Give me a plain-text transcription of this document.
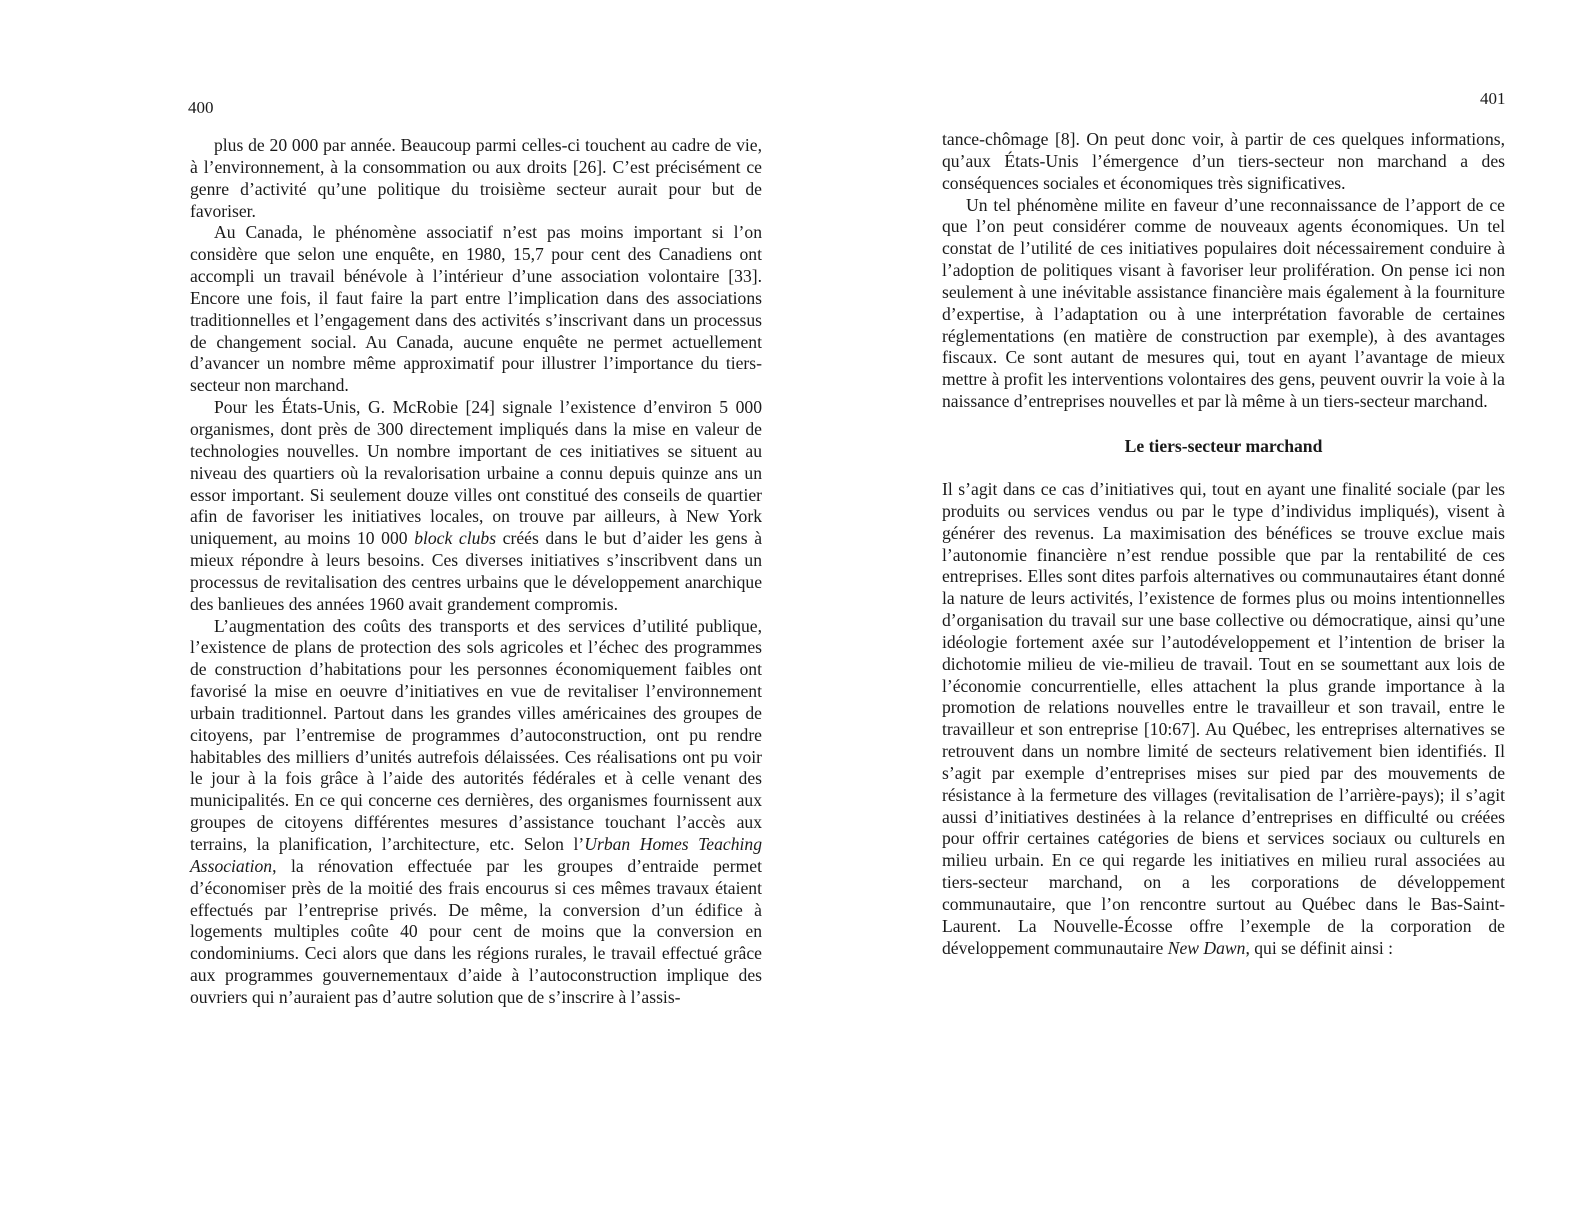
400

plus de 20 000 par année. Beaucoup parmi celles-ci touchent au cadre de vie, à l’environnement, à la consommation ou aux droits [26]. C’est précisément ce genre d’activité qu’une politique du troisième secteur aurait pour but de favoriser.

Au Canada, le phénomène associatif n’est pas moins important si l’on considère que selon une enquête, en 1980, 15,7 pour cent des Canadiens ont accompli un travail bénévole à l’intérieur d’une association volontaire [33]. Encore une fois, il faut faire la part entre l’implication dans des associations traditionnelles et l’engagement dans des activités s’inscrivant dans un processus de changement social. Au Canada, aucune enquête ne permet actuellement d’avancer un nombre même approximatif pour illustrer l’importance du tiers-secteur non marchand.

Pour les États-Unis, G. McRobie [24] signale l’existence d’environ 5 000 organismes, dont près de 300 directement impliqués dans la mise en valeur de technologies nouvelles. Un nombre important de ces initiatives se situent au niveau des quartiers où la revalorisation urbaine a connu depuis quinze ans un essor important. Si seulement douze villes ont constitué des conseils de quartier afin de favoriser les initiatives locales, on trouve par ailleurs, à New York uniquement, au moins 10 000 block clubs créés dans le but d’aider les gens à mieux répondre à leurs besoins. Ces diverses initiatives s’inscribvent dans un processus de revitalisation des centres urbains que le développement anarchique des banlieues des années 1960 avait grandement compromis.

L’augmentation des coûts des transports et des services d’utilité publique, l’existence de plans de protection des sols agricoles et l’échec des programmes de construction d’habitations pour les personnes économiquement faibles ont favorisé la mise en oeuvre d’initiatives en vue de revitaliser l’environnement urbain traditionnel. Partout dans les grandes villes américaines des groupes de citoyens, par l’entremise de programmes d’autoconstruction, ont pu rendre habitables des milliers d’unités autrefois délaissées. Ces réalisations ont pu voir le jour à la fois grâce à l’aide des autorités fédérales et à celle venant des municipalités. En ce qui concerne ces dernières, des organismes fournissent aux groupes de citoyens différentes mesures d’assistance touchant l’accès aux terrains, la planification, l’architecture, etc. Selon l’Urban Homes Teaching Association, la rénovation effectuée par les groupes d’entraide permet d’économiser près de la moitié des frais encourus si ces mêmes travaux étaient effectués par l’entreprise privés. De même, la conversion d’un édifice à logements multiples coûte 40 pour cent de moins que la conversion en condominiums. Ceci alors que dans les régions rurales, le travail effectué grâce aux programmes gouvernementaux d’aide à l’autoconstruction implique des ouvriers qui n’auraient pas d’autre solution que de s’inscrire à l’assis-

401

tance-chômage [8]. On peut donc voir, à partir de ces quelques informations, qu’aux États-Unis l’émergence d’un tiers-secteur non marchand a des conséquences sociales et économiques très significatives.

Un tel phénomène milite en faveur d’une reconnaissance de l’apport de ce que l’on peut considérer comme de nouveaux agents économiques. Un tel constat de l’utilité de ces initiatives populaires doit nécessairement conduire à l’adoption de politiques visant à favoriser leur prolifération. On pense ici non seulement à une inévitable assistance financière mais également à la fourniture d’expertise, à l’adaptation ou à une interprétation favorable de certaines réglementations (en matière de construction par exemple), à des avantages fiscaux. Ce sont autant de mesures qui, tout en ayant l’avantage de mieux mettre à profit les interventions volontaires des gens, peuvent ouvrir la voie à la naissance d’entreprises nouvelles et par là même à un tiers-secteur marchand.

Le tiers-secteur marchand

Il s’agit dans ce cas d’initiatives qui, tout en ayant une finalité sociale (par les produits ou services vendus ou par le type d’individus impliqués), visent à générer des revenus. La maximisation des bénéfices se trouve exclue mais l’autonomie financière n’est rendue possible que par la rentabilité de ces entreprises. Elles sont dites parfois alternatives ou communautaires étant donné la nature de leurs activités, l’existence de formes plus ou moins intentionnelles d’organisation du travail sur une base collective ou démocratique, ainsi qu’une idéologie fortement axée sur l’autodéveloppement et l’intention de briser la dichotomie milieu de vie-milieu de travail. Tout en se soumettant aux lois de l’économie concurrentielle, elles attachent la plus grande importance à la promotion de relations nouvelles entre le travailleur et son travail, entre le travailleur et son entreprise [10:67]. Au Québec, les entreprises alternatives se retrouvent dans un nombre limité de secteurs relativement bien identifiés. Il s’agit par exemple d’entreprises mises sur pied par des mouvements de résistance à la fermeture des villages (revitalisation de l’arrière-pays); il s’agit aussi d’initiatives destinées à la relance d’entreprises en difficulté ou créées pour offrir certaines catégories de biens et services sociaux ou culturels en milieu urbain. En ce qui regarde les initiatives en milieu rural associées au tiers-secteur marchand, on a les corporations de développement communautaire, que l’on rencontre surtout au Québec dans le Bas-Saint-Laurent. La Nouvelle-Écosse offre l’exemple de la corporation de développement communautaire New Dawn, qui se définit ainsi :
